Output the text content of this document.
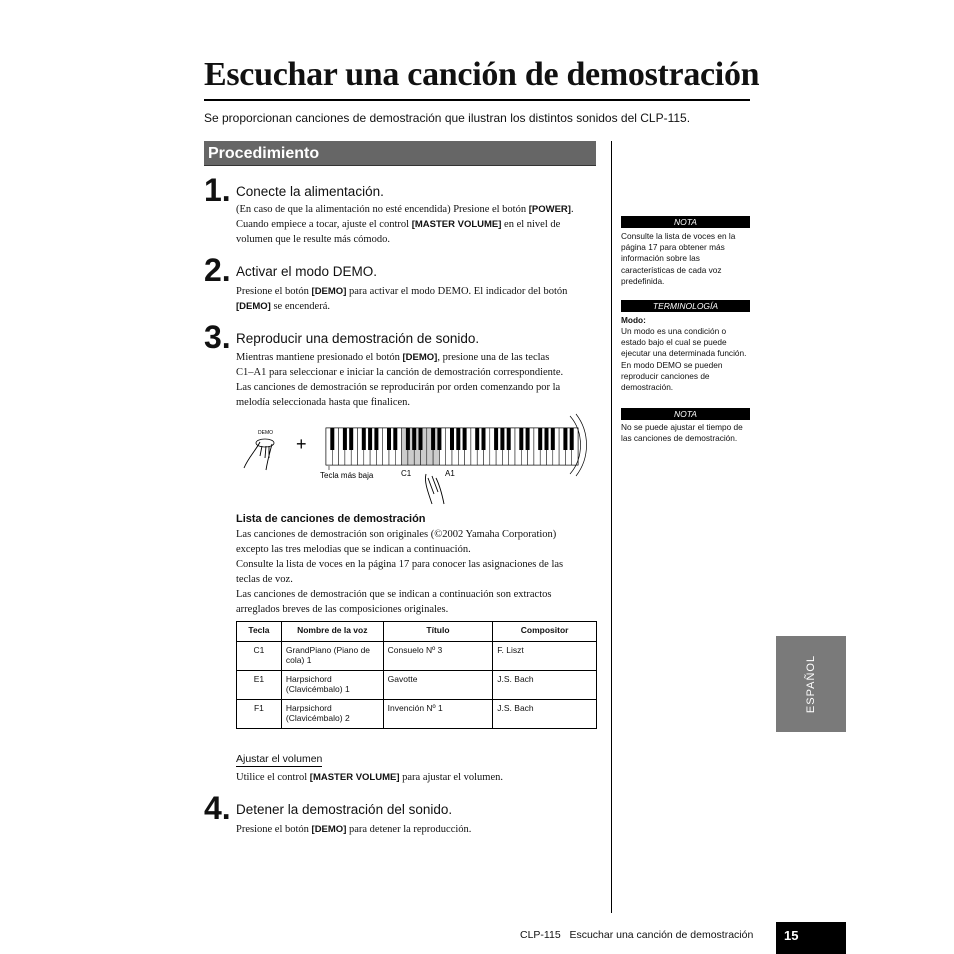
Escuchar una canción de demostración
Se proporcionan canciones de demostración que ilustran los distintos sonidos del CLP-115.
Procedimiento
1. Conecte la alimentación.
(En caso de que la alimentación no esté encendida) Presione el botón [POWER].
Cuando empiece a tocar, ajuste el control [MASTER VOLUME] en el nivel de
volumen que le resulte más cómodo.
2. Activar el modo DEMO.
Presione el botón [DEMO] para activar el modo DEMO. El indicador del botón
[DEMO] se encenderá.
3. Reproducir una demostración de sonido.
Mientras mantiene presionado el botón [DEMO], presione una de las teclas
C1–A1 para seleccionar e iniciar la canción de demostración correspondiente.
Las canciones de demostración se reproducirán por orden comenzando por la
melodía seleccionada hasta que finalicen.
DEMO
+
Tecla más baja	C1	A1
Lista de canciones de demostración
Las canciones de demostración son originales (©2002 Yamaha Corporation)
excepto las tres melodias que se indican a continuación.
Consulte la lista de voces en la página 17 para conocer las asignaciones de las
teclas de voz.
Las canciones de demostración que se indican a continuación son extractos
arreglados breves de las composiciones originales.
Tecla	Nombre de la voz	Título	Compositor
C1	GrandPiano (Piano de cola) 1	Consuelo Nº 3	F. Liszt
E1	Harpsichord (Clavicémbalo) 1	Gavotte	J.S. Bach
F1	Harpsichord (Clavicémbalo) 2	Invención Nº 1	J.S. Bach
Ajustar el volumen
Utilice el control [MASTER VOLUME] para ajustar el volumen.
4. Detener la demostración del sonido.
Presione el botón [DEMO] para detener la reproducción.
NOTA
Consulte la lista de voces en la página 17 para obtener más información sobre las características de cada voz predefinida.
TERMINOLOGÍA
Modo:
Un modo es una condición o estado bajo el cual se puede ejecutar una determinada función. En modo DEMO se pueden reproducir canciones de demostración.
NOTA
No se puede ajustar el tiempo de las canciones de demostración.
ESPAÑOL
CLP-115 Escuchar una canción de demostración	15
